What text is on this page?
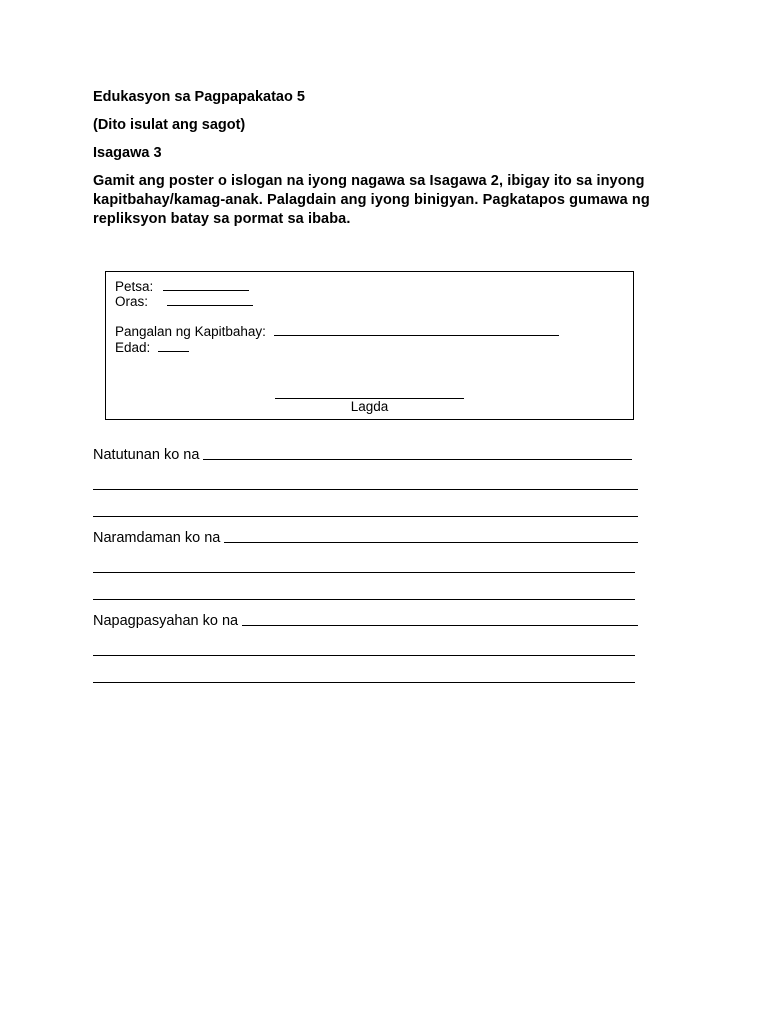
Edukasyon sa Pagpapakatao 5
(Dito isulat ang sagot)
Isagawa 3
Gamit ang poster o islogan na iyong nagawa sa Isagawa 2, ibigay ito sa inyong kapitbahay/kamag-anak. Palagdain ang iyong binigyan. Pagkatapos gumawa ng repliksyon batay sa pormat sa ibaba.
Petsa:
Oras:
Pangalan ng Kapitbahay:
Edad:
Lagda
Natutunan ko na
Naramdaman ko na
Napagpasyahan ko na
